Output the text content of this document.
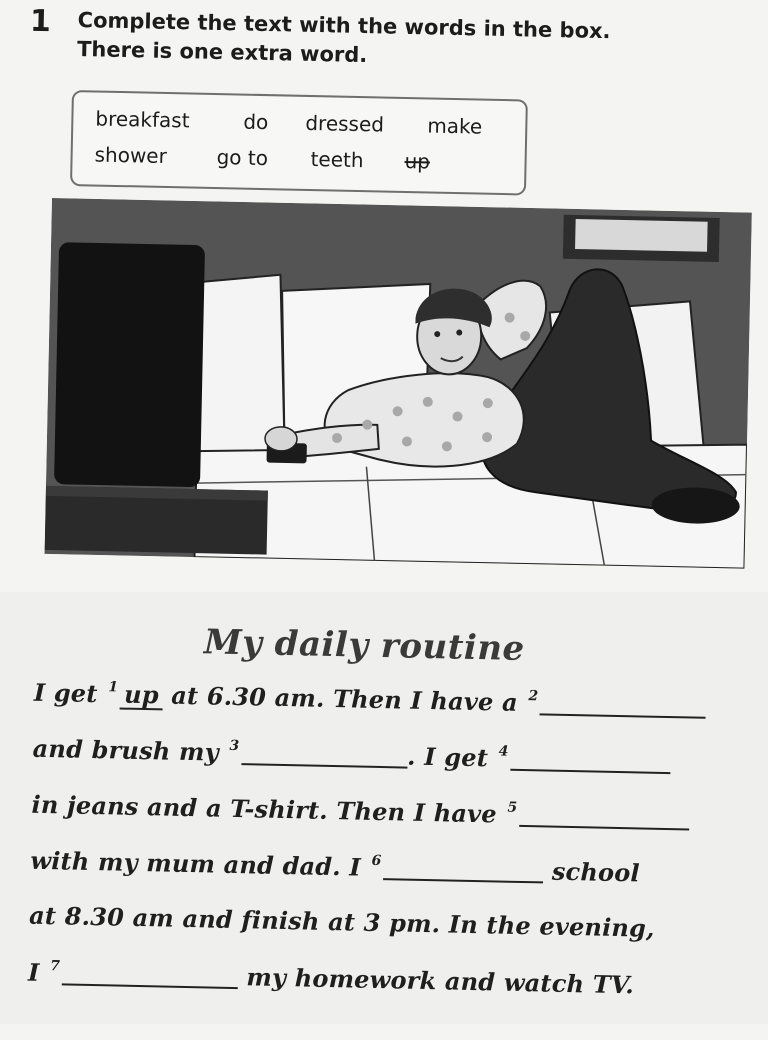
1 Complete the text with the words in the box.
There is one extra word.
breakfast	do dressed make
shower go to teeth up
My daily routine
I get $^1$ up at 6.30 am. Then I have a $^2$
and brush my $^3$	. I get $^4$
in jeans and a T-shirt. Then I have $^5$
with my mum and dad. I $^6$	school
at 8.30 am and finish at 3 pm. In the evening,
I $^7$	my homework and watch TV.
